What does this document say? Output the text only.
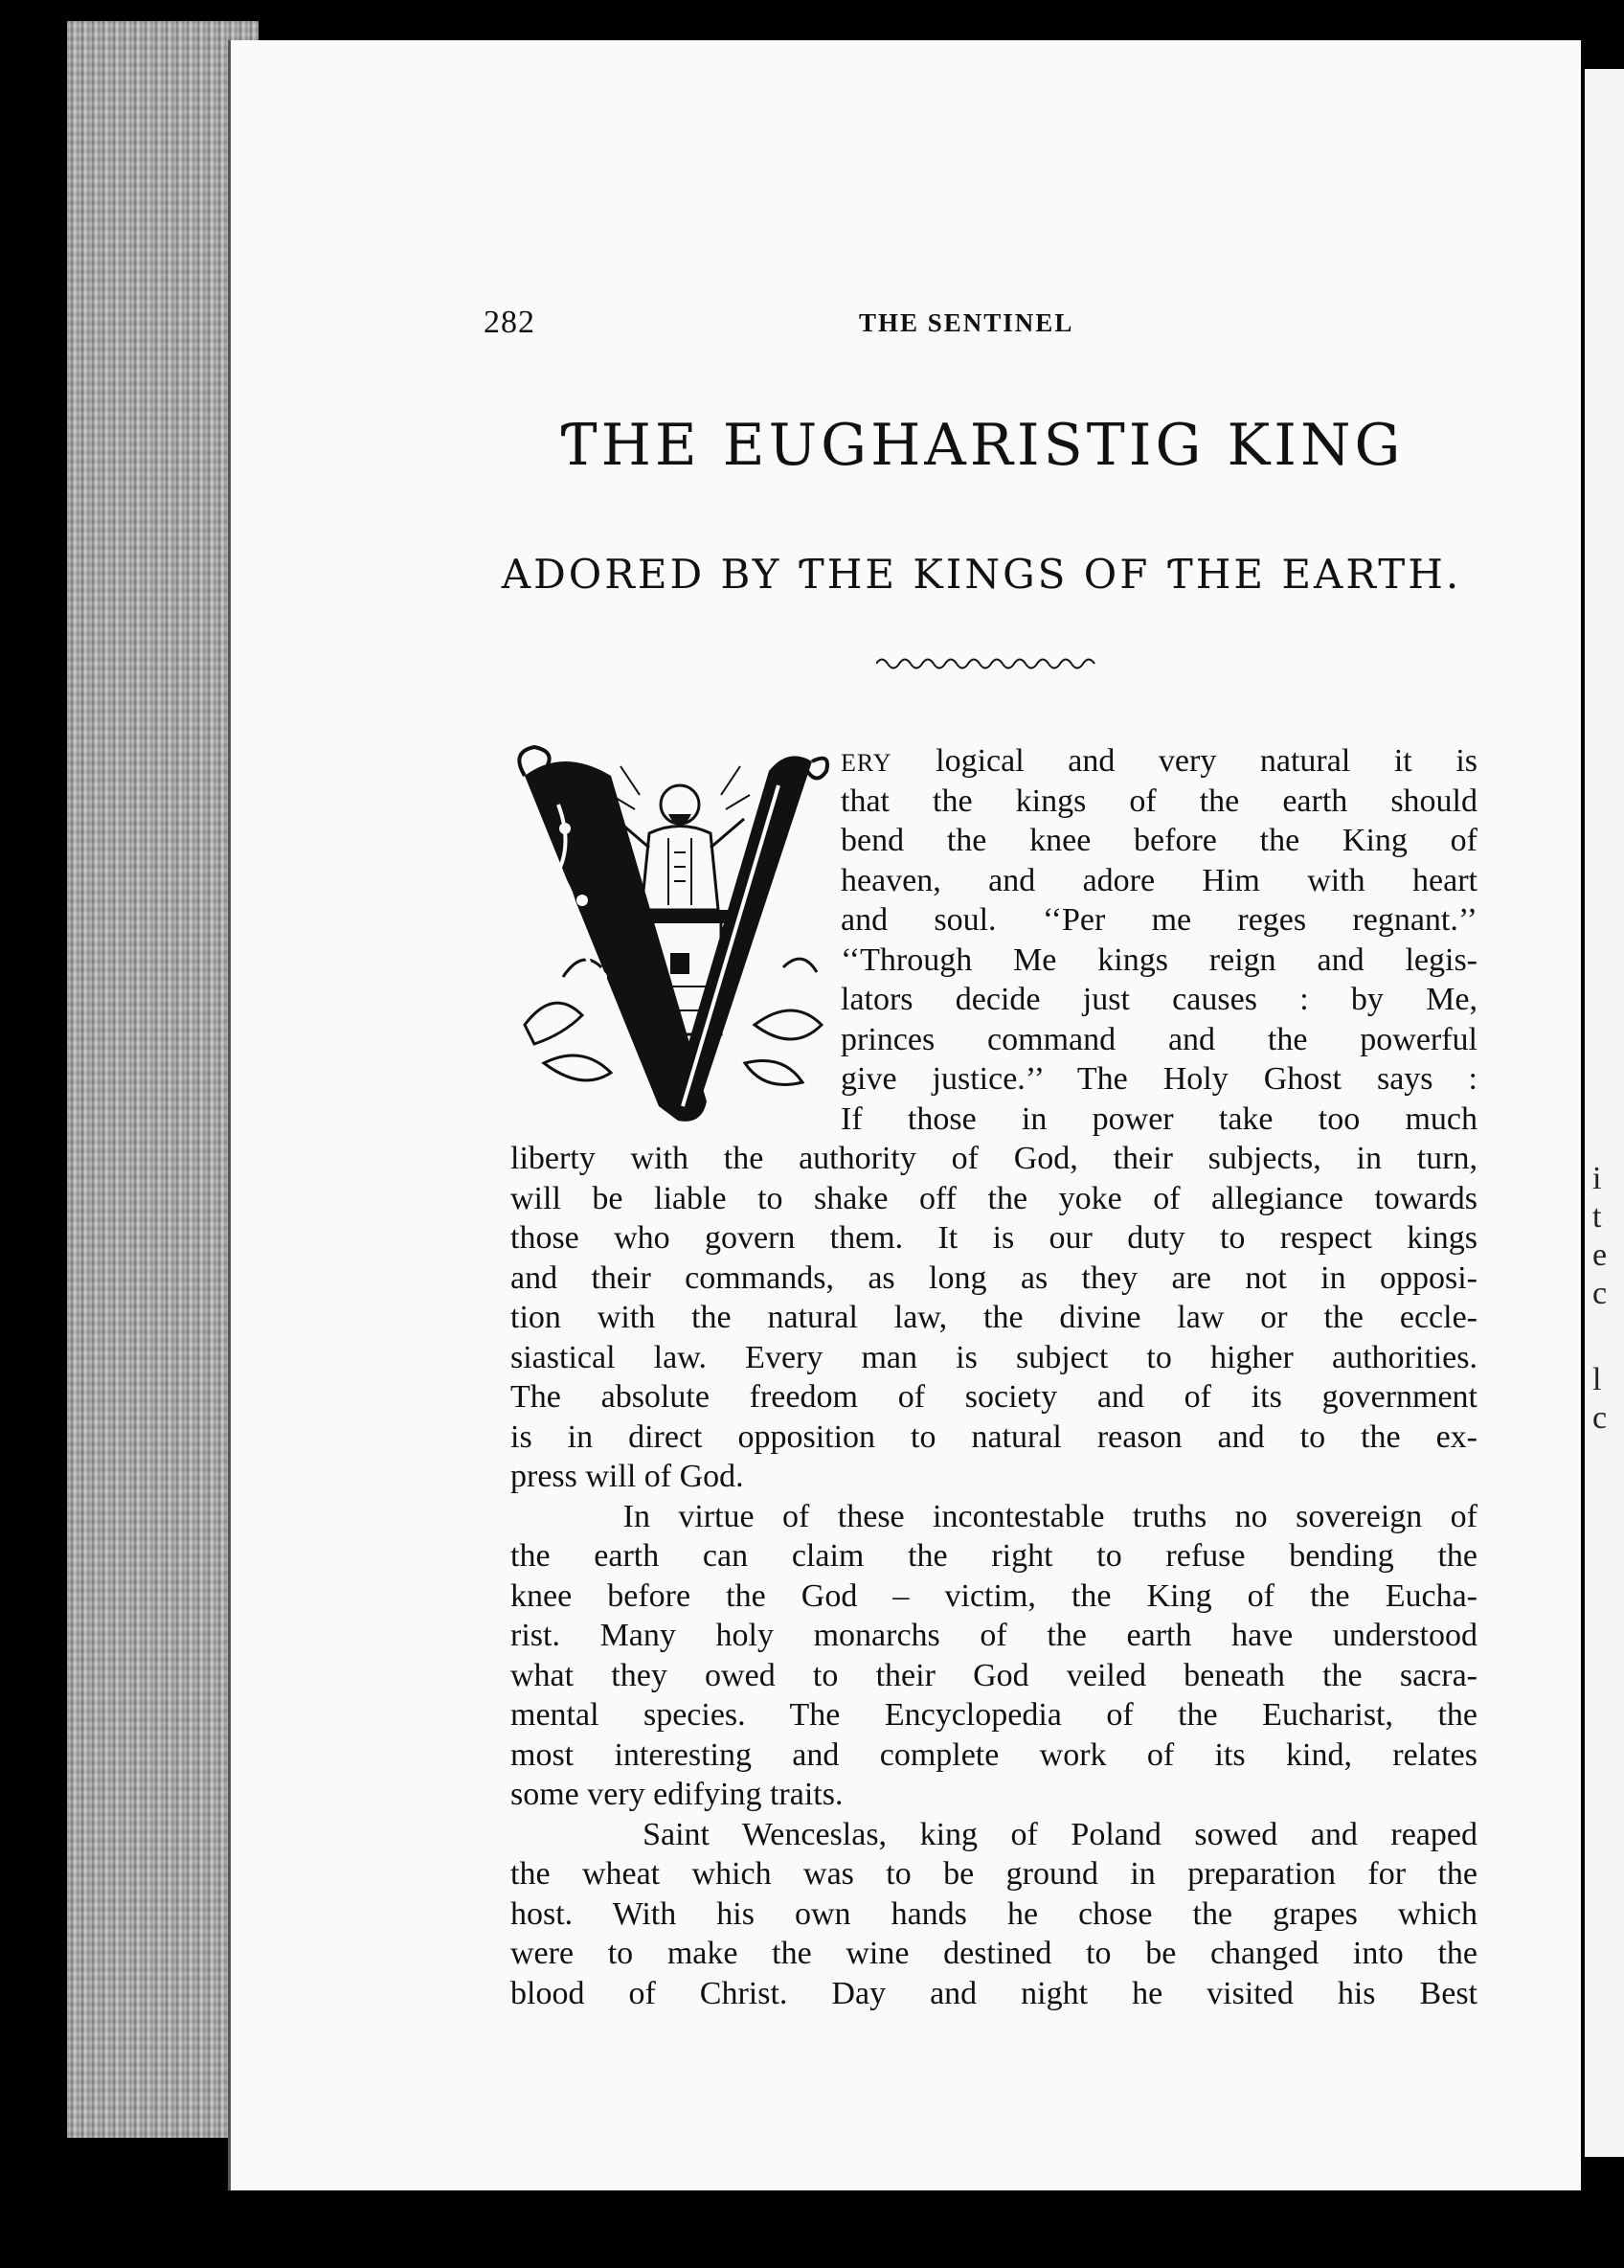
i
t
e
c
l
c
282	THE SENTINEL
ƬHE EUGHARISTIG KING
ADORED BY ƬHE KINGS OF ƬHE EARTH.
ERY logical and very natural it is
that the kings of the earth should
bend the knee before the King of
heaven, and adore Him with heart
and soul. ‘‘Per me reges regnant.’’
‘‘Through Me kings reign and legis-
lators decide just causes : by Me,
princes command and the powerful
give justice.’’ The Holy Ghost says :
If those in power take too much
liberty with the authority of God, their subjects, in turn,
will be liable to shake off the yoke of allegiance towards
those who govern them. It is our duty to respect kings
and their commands, as long as they are not in opposi-
tion with the natural law, the divine law or the eccle-
siastical law. Every man is subject to higher authorities.
The absolute freedom of society and of its government
is in direct opposition to natural reason and to the ex-
press will of God.
In virtue of these incontestable truths no sovereign of
the earth can claim the right to refuse bending the
knee before the God – victim, the King of the Eucha-
rist. Many holy monarchs of the earth have understood
what they owed to their God veiled beneath the sacra-
mental species. The Encyclopedia of the Eucharist, the
most interesting and complete work of its kind, relates
some very edifying traits.
Saint Wenceslas, king of Poland sowed and reaped
the wheat which was to be ground in preparation for the
host. With his own hands he chose the grapes which
were to make the wine destined to be changed into the
blood of Christ. Day and night he visited his Best
